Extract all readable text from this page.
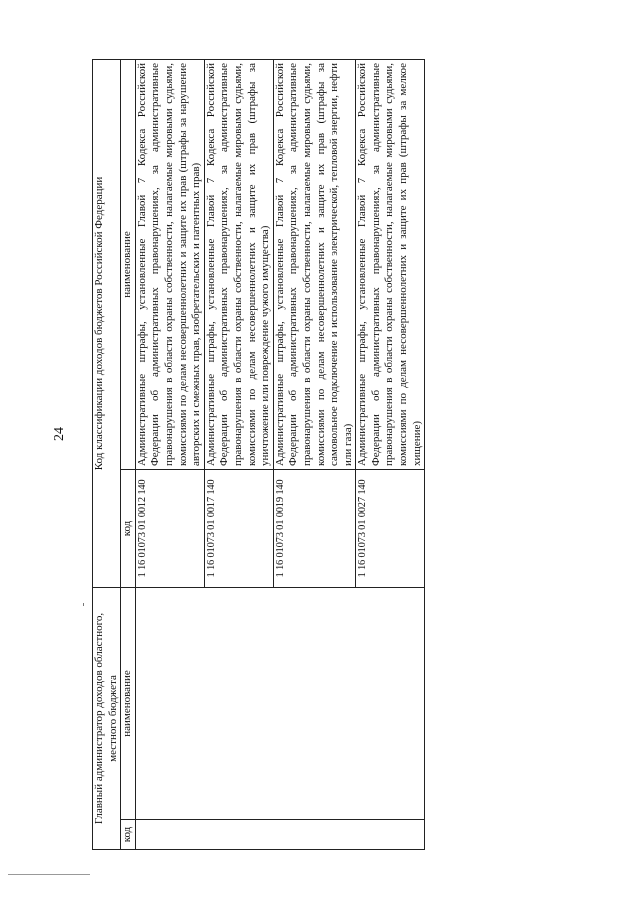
24
Главный администратор доходов областного, местного бюджета		Код классификации доходов бюджетов Российской Федерации	
код	наименование	код	наименование
		1 16 01073 01 0012 140	Административные штрафы, установленные Главой 7 Кодекса Российской Федерации об административных правонарушениях, за административные правонарушения в области охраны собственности, налагаемые мировыми судьями, комиссиями по делам несовершеннолетних и защите их прав (штрафы за нарушение авторских и смежных прав, изобретательских и патентных прав)
		1 16 01073 01 0017 140	Административные штрафы, установленные Главой 7 Кодекса Российской Федерации об административных правонарушениях, за административные правонарушения в области охраны собственности, налагаемые мировыми судьями, комиссиями по делам несовершеннолетних и защите их прав (штрафы за уничтожение или повреждение чужого имущества)
		1 16 01073 01 0019 140	Административные штрафы, установленные Главой 7 Кодекса Российской Федерации об административных правонарушениях, за административные правонарушения в области охраны собственности, налагаемые мировыми судьями, комиссиями по делам несовершеннолетних и защите их прав (штрафы за самовольное подключение и использование электрической, тепловой энергии, нефти или газа)
		1 16 01073 01 0027 140	Административные штрафы, установленные Главой 7 Кодекса Российской Федерации об административных правонарушениях, за административные правонарушения в области охраны собственности, налагаемые мировыми судьями, комиссиями по делам несовершеннолетних и защите их прав (штрафы за мелкое хищение)
